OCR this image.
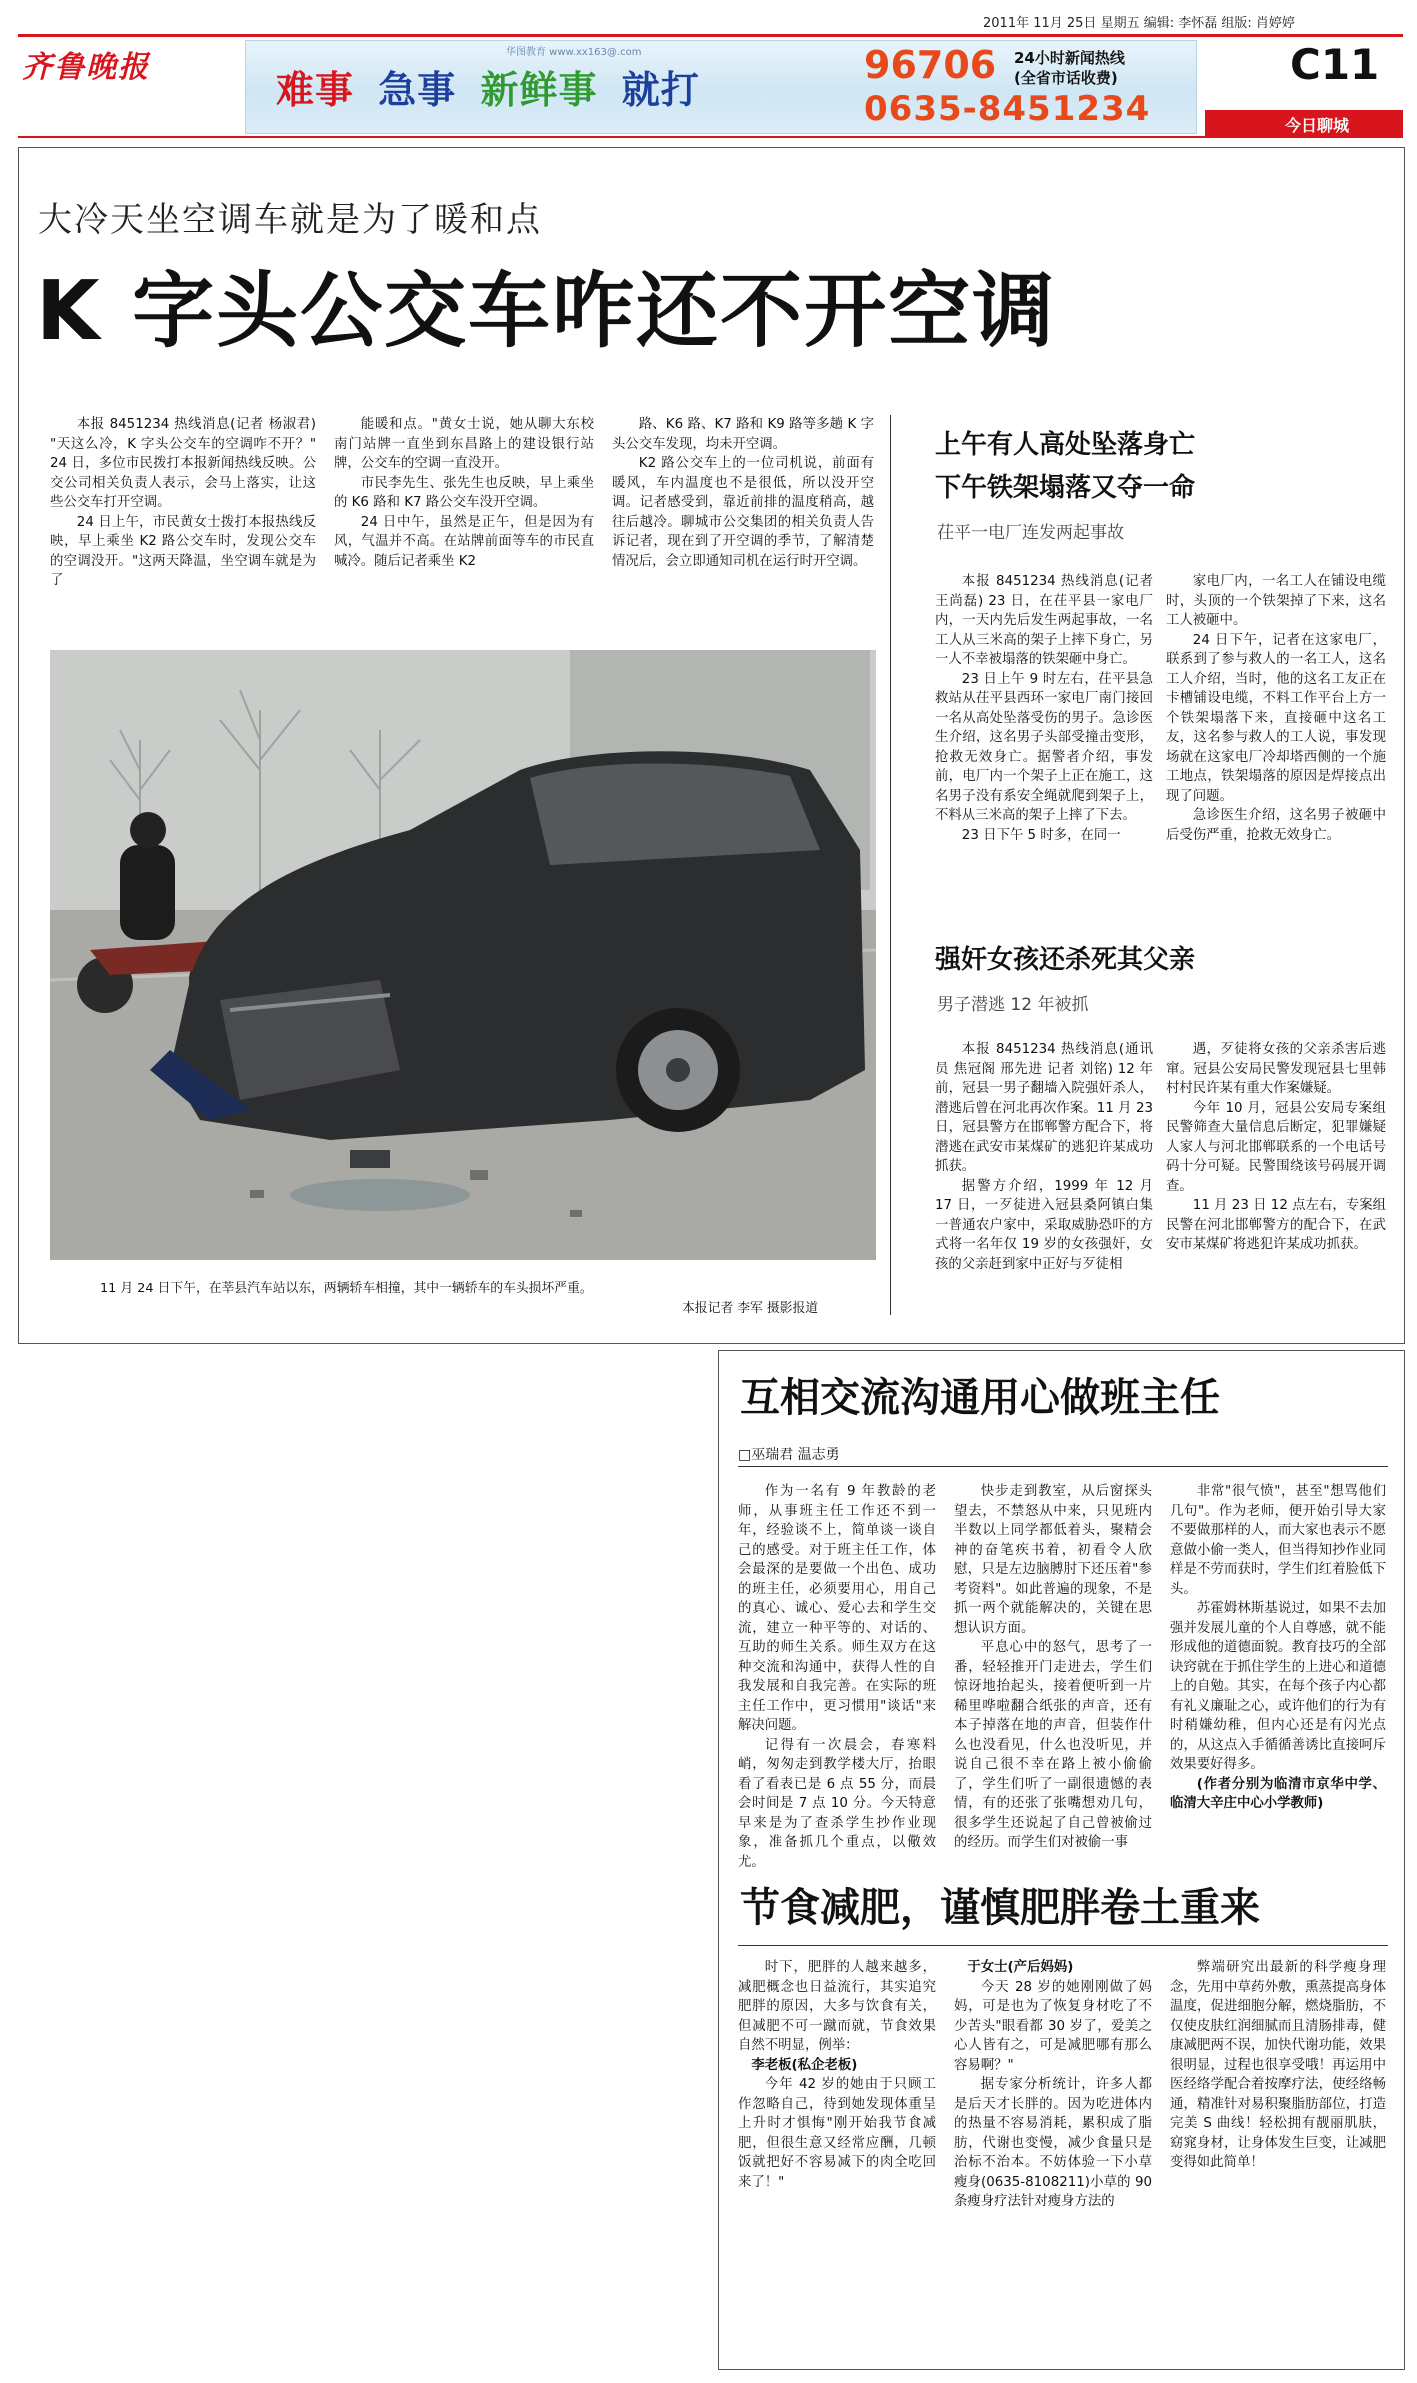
2011年 11月 25日 星期五 编辑: 李怀磊 组版: 肖婷婷
齐鲁晚报	华图教育 www.xx163@.com
难事 急事 新鲜事 就打
96706 24小时新闻热线
(全省市话收费)
0635-8451234
C11
今日聊城
大冷天坐空调车就是为了暖和点
K 字头公交车咋还不开空调

本报 8451234 热线消息(记者 杨淑君) "天这么冷，K 字头公交车的空调咋不开？" 24 日，多位市民拨打本报新闻热线反映。公交公司相关负责人表示，会马上落实，让这些公交车打开空调。

24 日上午，市民黄女士拨打本报热线反映，早上乘坐 K2 路公交车时，发现公交车的空调没开。"这两天降温，坐空调车就是为了

能暖和点。"黄女士说，她从聊大东校南门站牌一直坐到东昌路上的建设银行站牌，公交车的空调一直没开。

市民李先生、张先生也反映，早上乘坐的 K6 路和 K7 路公交车没开空调。

24 日中午，虽然是正午，但是因为有风，气温并不高。在站牌前面等车的市民直喊冷。随后记者乘坐 K2

路、K6 路、K7 路和 K9 路等多趟 K 字头公交车发现，均未开空调。

K2 路公交车上的一位司机说，前面有暖风，车内温度也不是很低，所以没开空调。记者感受到，靠近前排的温度稍高，越往后越冷。聊城市公交集团的相关负责人告诉记者，现在到了开空调的季节，了解清楚情况后，会立即通知司机在运行时开空调。

11 月 24 日下午，在莘县汽车站以东，两辆轿车相撞，其中一辆轿车的车头损坏严重。
本报记者 李军 摄影报道
上午有人高处坠落身亡
下午铁架塌落又夺一命
茌平一电厂连发两起事故

本报 8451234 热线消息(记者 王尚磊) 23 日，在茌平县一家电厂内，一天内先后发生两起事故，一名工人从三米高的架子上摔下身亡，另一人不幸被塌落的铁架砸中身亡。

23 日上午 9 时左右，茌平县急救站从茌平县西环一家电厂南门接回一名从高处坠落受伤的男子。急诊医生介绍，这名男子头部受撞击变形，抢救无效身亡。据警者介绍，事发前，电厂内一个架子上正在施工，这名男子没有系安全绳就爬到架子上，不料从三米高的架子上摔了下去。

23 日下午 5 时多，在同一

家电厂内，一名工人在铺设电缆时，头顶的一个铁架掉了下来，这名工人被砸中。

24 日下午，记者在这家电厂，联系到了参与救人的一名工人，这名工人介绍，当时，他的这名工友正在卡槽铺设电缆，不料工作平台上方一个铁架塌落下来，直接砸中这名工友，这名参与救人的工人说，事发现场就在这家电厂冷却塔西侧的一个施工地点，铁架塌落的原因是焊接点出现了问题。

急诊医生介绍，这名男子被砸中后受伤严重，抢救无效身亡。

强奸女孩还杀死其父亲
男子潜逃 12 年被抓

本报 8451234 热线消息(通讯员 焦冠阁 邢先进 记者 刘铭) 12 年前，冠县一男子翻墙入院强奸杀人，潜逃后曾在河北再次作案。11 月 23 日，冠县警方在邯郸警方配合下，将潜逃在武安市某煤矿的逃犯许某成功抓获。

据警方介绍，1999 年 12 月 17 日，一歹徒进入冠县桑阿镇白集一普通农户家中，采取威胁恐吓的方式将一名年仅 19 岁的女孩强奸，女孩的父亲赶到家中正好与歹徒相

遇，歹徒将女孩的父亲杀害后逃窜。冠县公安局民警发现冠县七里韩村村民许某有重大作案嫌疑。

今年 10 月，冠县公安局专案组民警筛查大量信息后断定，犯罪嫌疑人家人与河北邯郸联系的一个电话号码十分可疑。民警围绕该号码展开调查。

11 月 23 日 12 点左右，专案组民警在河北邯郸警方的配合下，在武安市某煤矿将逃犯许某成功抓获。

互相交流沟通用心做班主任
□巫瑞君 温志勇

作为一名有 9 年教龄的老师，从事班主任工作还不到一年，经验谈不上，简单谈一谈自己的感受。对于班主任工作，体会最深的是要做一个出色、成功的班主任，必须要用心，用自己的真心、诚心、爱心去和学生交流，建立一种平等的、对话的、互助的师生关系。师生双方在这种交流和沟通中，获得人性的自我发展和自我完善。在实际的班主任工作中，更习惯用"谈话"来解决问题。

记得有一次晨会，春寒料峭，匆匆走到教学楼大厅，抬眼看了看表已是 6 点 55 分，而晨会时间是 7 点 10 分。今天特意早来是为了查杀学生抄作业现象，准备抓几个重点，以儆效尤。

快步走到教室，从后窗探头望去，不禁怒从中来，只见班内半数以上同学都低着头，聚精会神的奋笔疾书着，初看令人欣慰，只是左边脑膊肘下还压着"参考资料"。如此普遍的现象，不是抓一两个就能解决的，关键在思想认识方面。

平息心中的怒气，思考了一番，轻轻推开门走进去，学生们惊讶地抬起头，接着便听到一片稀里哗啦翻合纸张的声音，还有本子掉落在地的声音，但装作什么也没看见，什么也没听见，并说自己很不幸在路上被小偷偷了，学生们听了一副很遗憾的表情，有的还张了张嘴想劝几句，很多学生还说起了自己曾被偷过的经历。而学生们对被偷一事

非常"很气愤"，甚至"想骂他们几句"。作为老师，便开始引导大家不要做那样的人，而大家也表示不愿意做小偷一类人，但当得知抄作业同样是不劳而获时，学生们红着脸低下头。

苏霍姆林斯基说过，如果不去加强并发展儿童的个人自尊感，就不能形成他的道德面貌。教育技巧的全部诀窍就在于抓住学生的上进心和道德上的自勉。其实，在每个孩子内心都有礼义廉耻之心，或许他们的行为有时稍嫌幼稚，但内心还是有闪光点的，从这点入手循循善诱比直接呵斥效果要好得多。

(作者分别为临清市京华中学、临清大辛庄中心小学教师)

节食减肥，谨慎肥胖卷土重来

时下，肥胖的人越来越多，减肥概念也日益流行，其实追究肥胖的原因，大多与饮食有关，但减肥不可一蹴而就，节食效果自然不明显，例举：

李老板(私企老板)

今年 42 岁的她由于只顾工作忽略自己，待到她发现体重呈上升时才惧悔"刚开始我节食减肥，但很生意又经常应酬，几顿饭就把好不容易减下的肉全吃回来了！"

于女士(产后妈妈)

今天 28 岁的她刚刚做了妈妈，可是也为了恢复身材吃了不少苦头"眼看都 30 岁了，爱美之心人皆有之，可是减肥哪有那么容易啊？"

据专家分析统计，许多人都是后天才长胖的。因为吃进体内的热量不容易消耗，累积成了脂肪，代谢也变慢，减少食量只是治标不治本。不妨体验一下小草瘦身(0635-8108211)小草的 90 条瘦身疗法针对瘦身方法的

弊端研究出最新的科学瘦身理念，先用中草药外敷，熏蒸提高身体温度，促进细胞分解，燃烧脂肪，不仅使皮肤红润细腻而且清肠排毒，健康减肥两不误，加快代谢功能，效果很明显，过程也很享受哦！再运用中医经络学配合着按摩疗法，使经络畅通，精准针对易积聚脂肪部位，打造完美 S 曲线！轻松拥有靓丽肌肤，窈窕身材，让身体发生巨变，让减肥变得如此简单！
